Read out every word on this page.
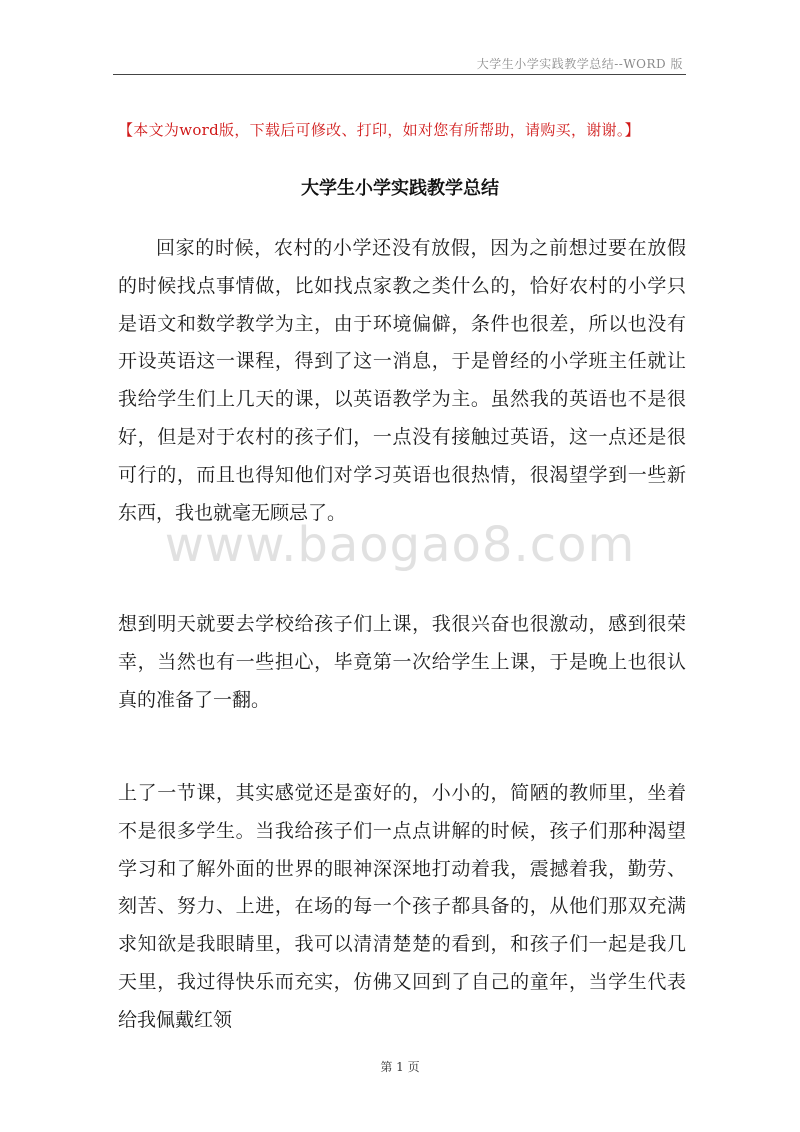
大学生小学实践教学总结--WORD 版
【本文为word版，下载后可修改、打印，如对您有所帮助，请购买，谢谢。】
大学生小学实践教学总结

回家的时候，农村的小学还没有放假，因为之前想过要在放假的时候找点事情做，比如找点家教之类什么的，恰好农村的小学只是语文和数学教学为主，由于环境偏僻，条件也很差，所以也没有开设英语这一课程，得到了这一消息，于是曾经的小学班主任就让我给学生们上几天的课，以英语教学为主。虽然我的英语也不是很好，但是对于农村的孩子们，一点没有接触过英语，这一点还是很可行的，而且也得知他们对学习英语也很热情，很渴望学到一些新东西，我也就毫无顾忌了。

想到明天就要去学校给孩子们上课，我很兴奋也很激动，感到很荣幸，当然也有一些担心，毕竟第一次给学生上课，于是晚上也很认真的准备了一翻。

上了一节课，其实感觉还是蛮好的，小小的，简陋的教师里，坐着不是很多学生。当我给孩子们一点点讲解的时候，孩子们那种渴望学习和了解外面的世界的眼神深深地打动着我，震撼着我，勤劳、刻苦、努力、上进，在场的每一个孩子都具备的，从他们那双充满求知欲是我眼睛里，我可以清清楚楚的看到，和孩子们一起是我几天里，我过得快乐而充实，仿佛又回到了自己的童年，当学生代表给我佩戴红领

www.baogao8.com
第 1 页
